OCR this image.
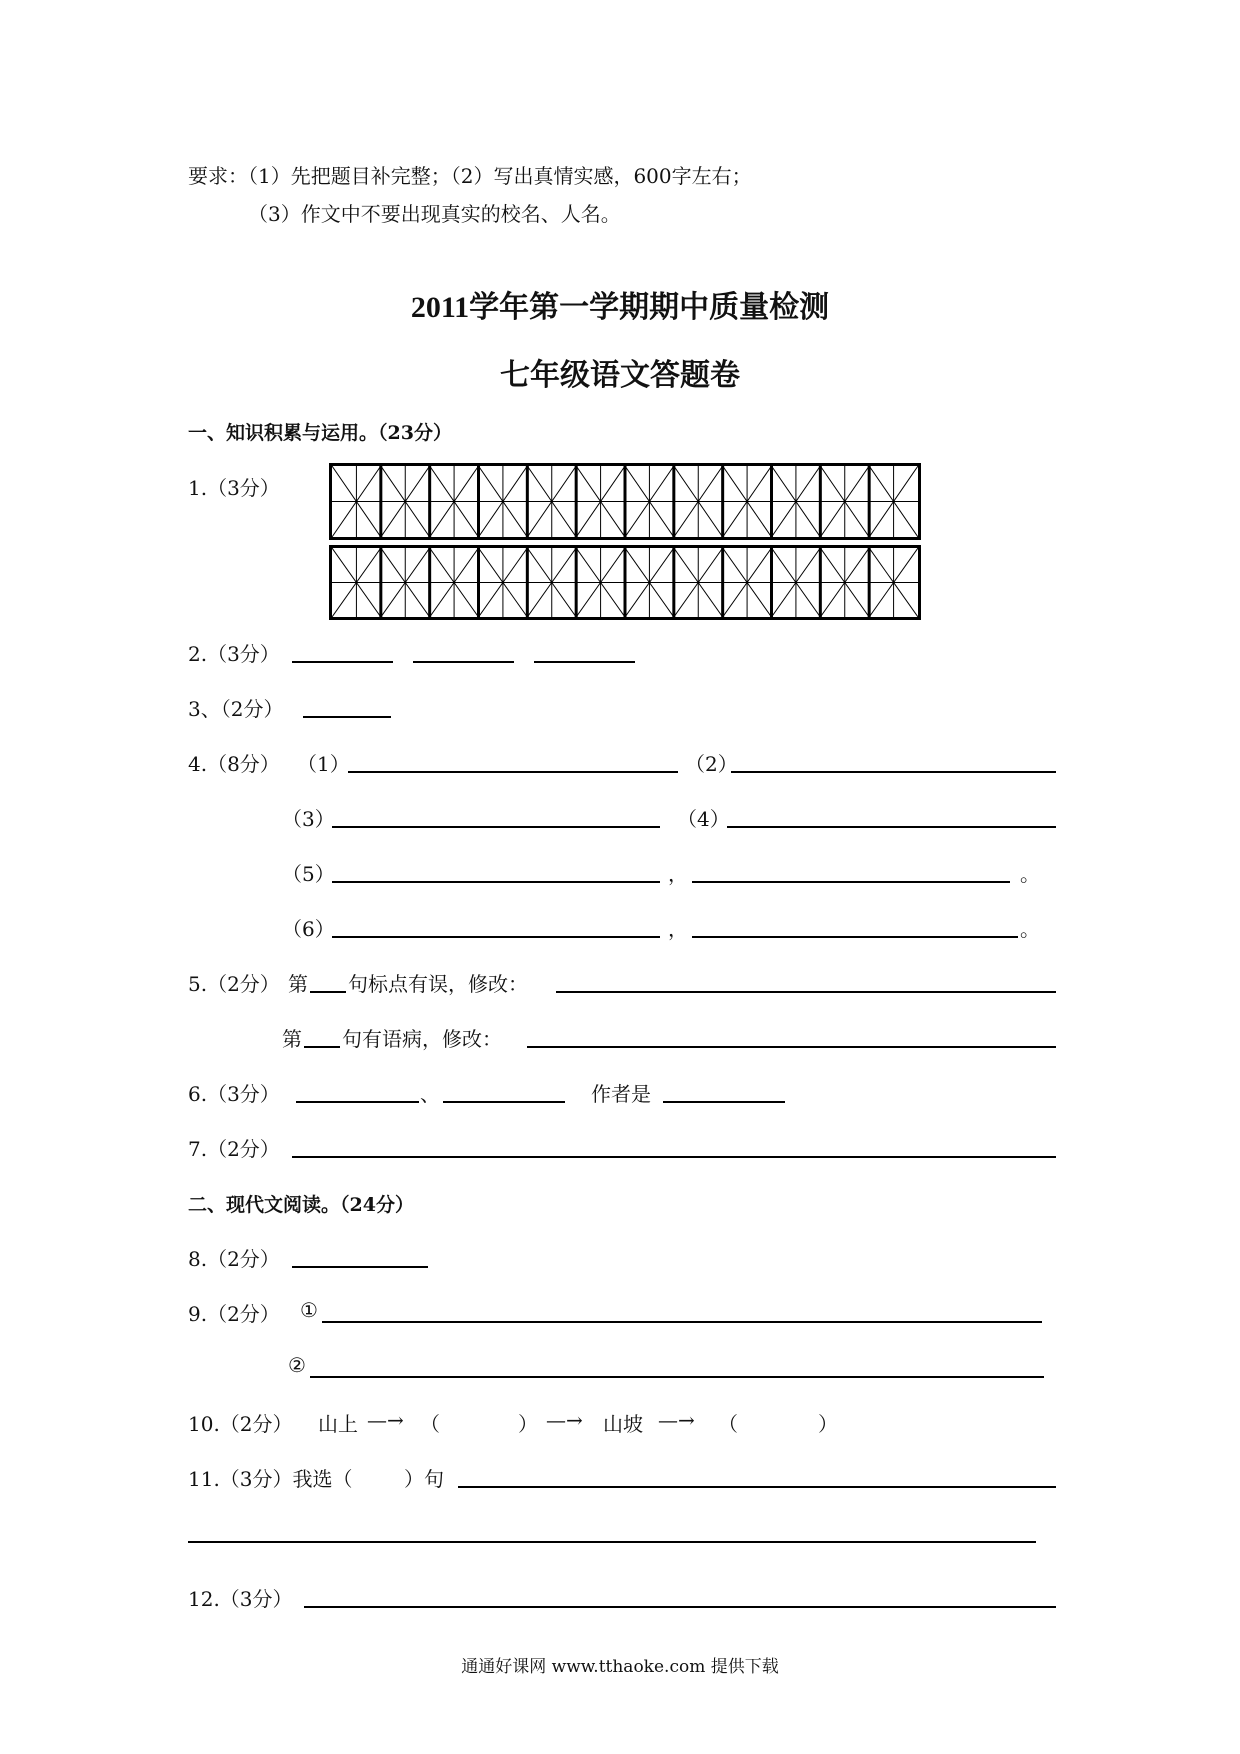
要求：（1）先把题目补完整；（2）写出真情实感，600字左右；
（3）作文中不要出现真实的校名、人名。
2011学年第一学期期中质量检测
七年级语文答题卷
一、知识积累与运用。（23分）
1.（3分）
2.（3分）
3、（2分）
4.（8分） （1）	（2）
（3）	（4）
（5）	，	。
（6）	，	。
5.（2分） 第 句标点有误，修改：
第 句有语病，修改：
6.（3分）	、	作者是
7.（2分）
二、现代文阅读。（24分）
8.（2分）
9.（2分） ①
②
10.（2分） 山上 —→ （	） —→ 山坡 —→ （	）
11.（3分）我选（	）句
12.（3分）
通通好课网 www.tthaoke.com 提供下载
